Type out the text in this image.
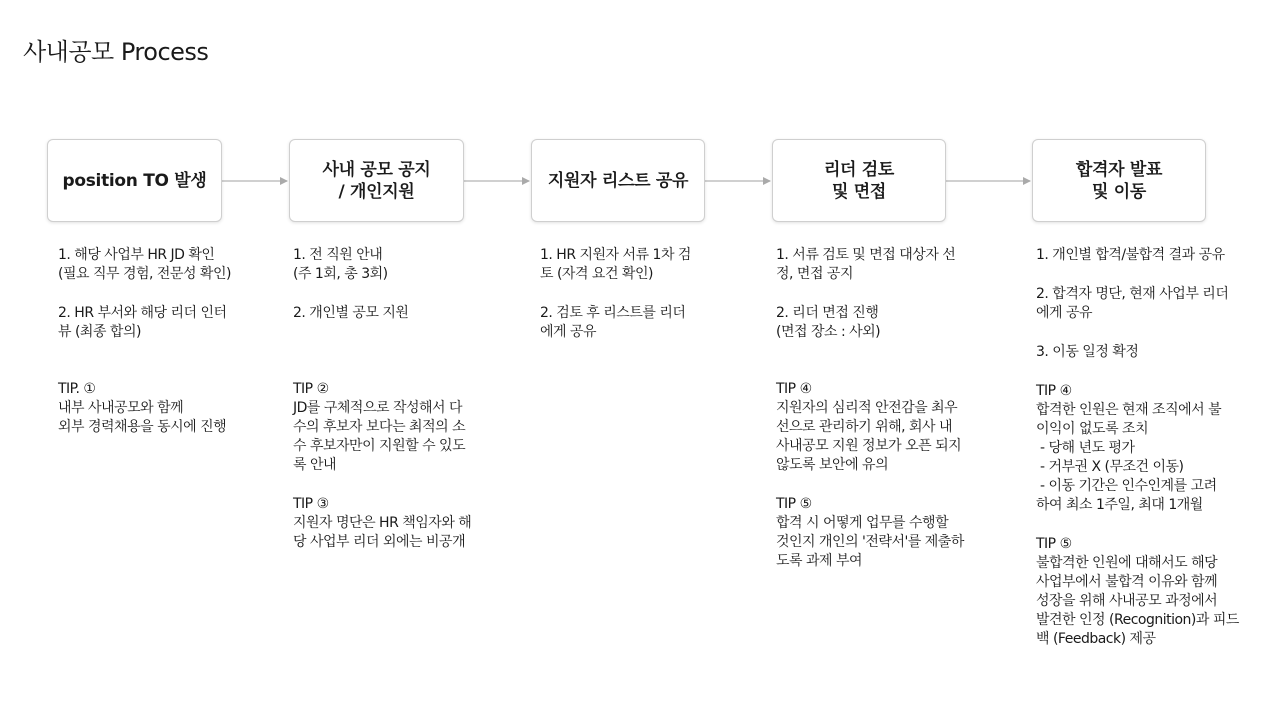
사내공모 Process
position TO 발생
사내 공모 공지
/ 개인지원
지원자 리스트 공유
리더 검토
및 면접
합격자 발표
및 이동

1. 해당 사업부 HR JD 확인

(필요 직무 경험, 전문성 확인)

2. HR 부서와 해당 리더 인터

뷰 (최종 합의)

TIP. ①

내부 사내공모와 함께

외부 경력채용을 동시에 진행

1. 전 직원 안내

(주 1회, 총 3회)

2. 개인별 공모 지원

TIP ②

JD를 구체적으로 작성해서 다

수의 후보자 보다는 최적의 소

수 후보자만이 지원할 수 있도

록 안내

TIP ③

지원자 명단은 HR 책임자와 해

당 사업부 리더 외에는 비공개

1. HR 지원자 서류 1차 검

토 (자격 요건 확인)

2. 검토 후 리스트를 리더

에게 공유

1. 서류 검토 및 면접 대상자 선

정, 면접 공지

2. 리더 면접 진행

(면접 장소 : 사외)

TIP ④

지원자의 심리적 안전감을 최우

선으로 관리하기 위해, 회사 내

사내공모 지원 정보가 오픈 되지

않도록 보안에 유의

TIP ⑤

합격 시 어떻게 업무를 수행할

것인지 개인의 '전략서'를 제출하

도록 과제 부여

1. 개인별 합격/불합격 결과 공유

2. 합격자 명단, 현재 사업부 리더

에게 공유

3. 이동 일정 확정

TIP ④

합격한 인원은 현재 조직에서 불

이익이 없도록 조치

- 당해 년도 평가

- 거부권 X (무조건 이동)

- 이동 기간은 인수인계를 고려

하여 최소 1주일, 최대 1개월

TIP ⑤

불합격한 인원에 대해서도 해당

사업부에서 불합격 이유와 함께

성장을 위해 사내공모 과정에서

발견한 인정 (Recognition)과 피드

백 (Feedback) 제공
